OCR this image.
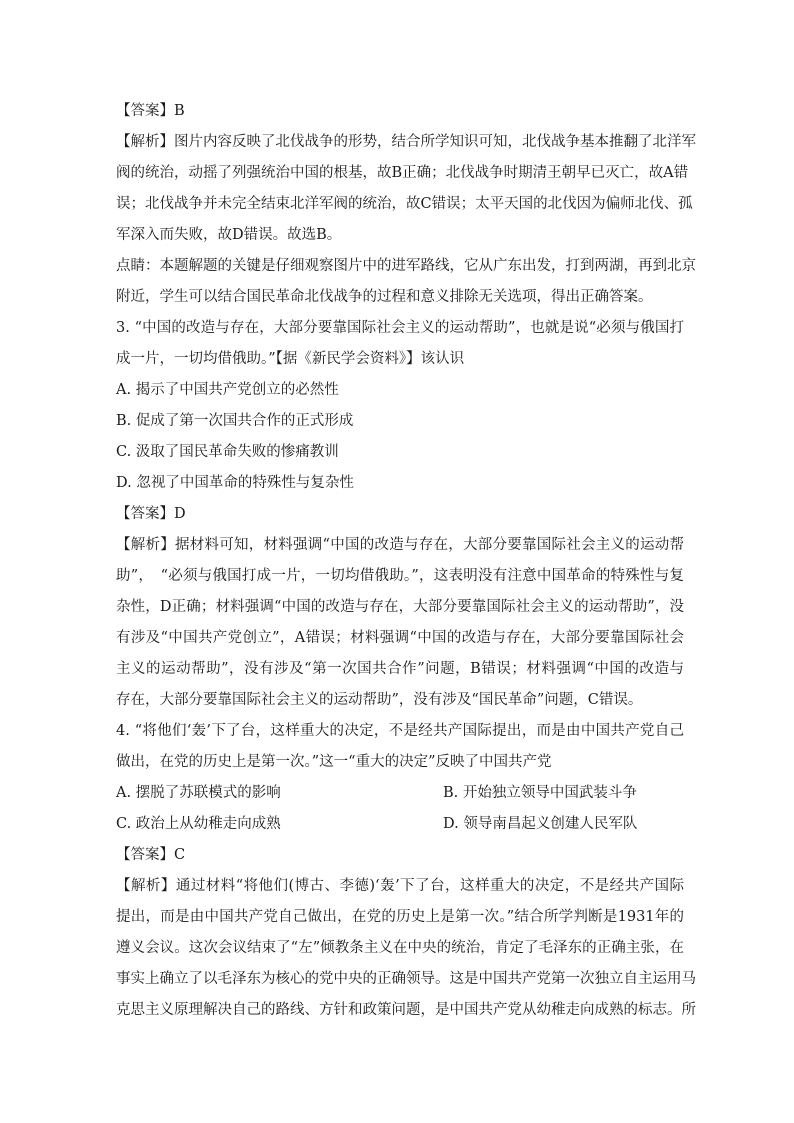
【答案】B
【解析】图片内容反映了北伐战争的形势，结合所学知识可知，北伐战争基本推翻了北洋军
阀的统治，动摇了列强统治中国的根基，故B正确；北伐战争时期清王朝早已灭亡，故A错
误；北伐战争并未完全结束北洋军阀的统治，故C错误；太平天国的北伐因为偏师北伐、孤
军深入而失败，故D错误。故选B。
点睛：本题解题的关键是仔细观察图片中的进军路线，它从广东出发，打到两湖，再到北京
附近，学生可以结合国民革命北伐战争的过程和意义排除无关选项，得出正确答案。
3. “中国的改造与存在，大部分要靠国际社会主义的运动帮助”，也就是说“必须与俄国打
成一片，一切均借俄助。”【据《新民学会资料》】该认识
A. 揭示了中国共产党创立的必然性
B. 促成了第一次国共合作的正式形成
C. 汲取了国民革命失败的惨痛教训
D. 忽视了中国革命的特殊性与复杂性
【答案】D
【解析】据材料可知，材料强调“中国的改造与存在，大部分要靠国际社会主义的运动帮
助”，　“必须与俄国打成一片，一切均借俄助。”，这表明没有注意中国革命的特殊性与复
杂性，D正确；材料强调“中国的改造与存在，大部分要靠国际社会主义的运动帮助”，没
有涉及“中国共产党创立”，A错误；材料强调“中国的改造与存在，大部分要靠国际社会
主义的运动帮助”，没有涉及“第一次国共合作”问题，B错误；材料强调“中国的改造与
存在，大部分要靠国际社会主义的运动帮助”，没有涉及“国民革命”问题，C错误。
4. “将他们‘轰’下了台，这样重大的决定，不是经共产国际提出，而是由中国共产党自己
做出，在党的历史上是第一次。”这一“重大的决定”反映了中国共产党
A. 摆脱了苏联模式的影响	B. 开始独立领导中国武装斗争
C. 政治上从幼稚走向成熟	D. 领导南昌起义创建人民军队
【答案】C
【解析】通过材料“将他们(博古、李德)‘轰’下了台，这样重大的决定，不是经共产国际
提出，而是由中国共产党自己做出，在党的历史上是第一次。”结合所学判断是1931年的
遵义会议。这次会议结束了“左”倾教条主义在中央的统治，肯定了毛泽东的正确主张，在
事实上确立了以毛泽东为核心的党中央的正确领导。这是中国共产党第一次独立自主运用马
克思主义原理解决自己的路线、方针和政策问题，是中国共产党从幼稚走向成熟的标志。所
